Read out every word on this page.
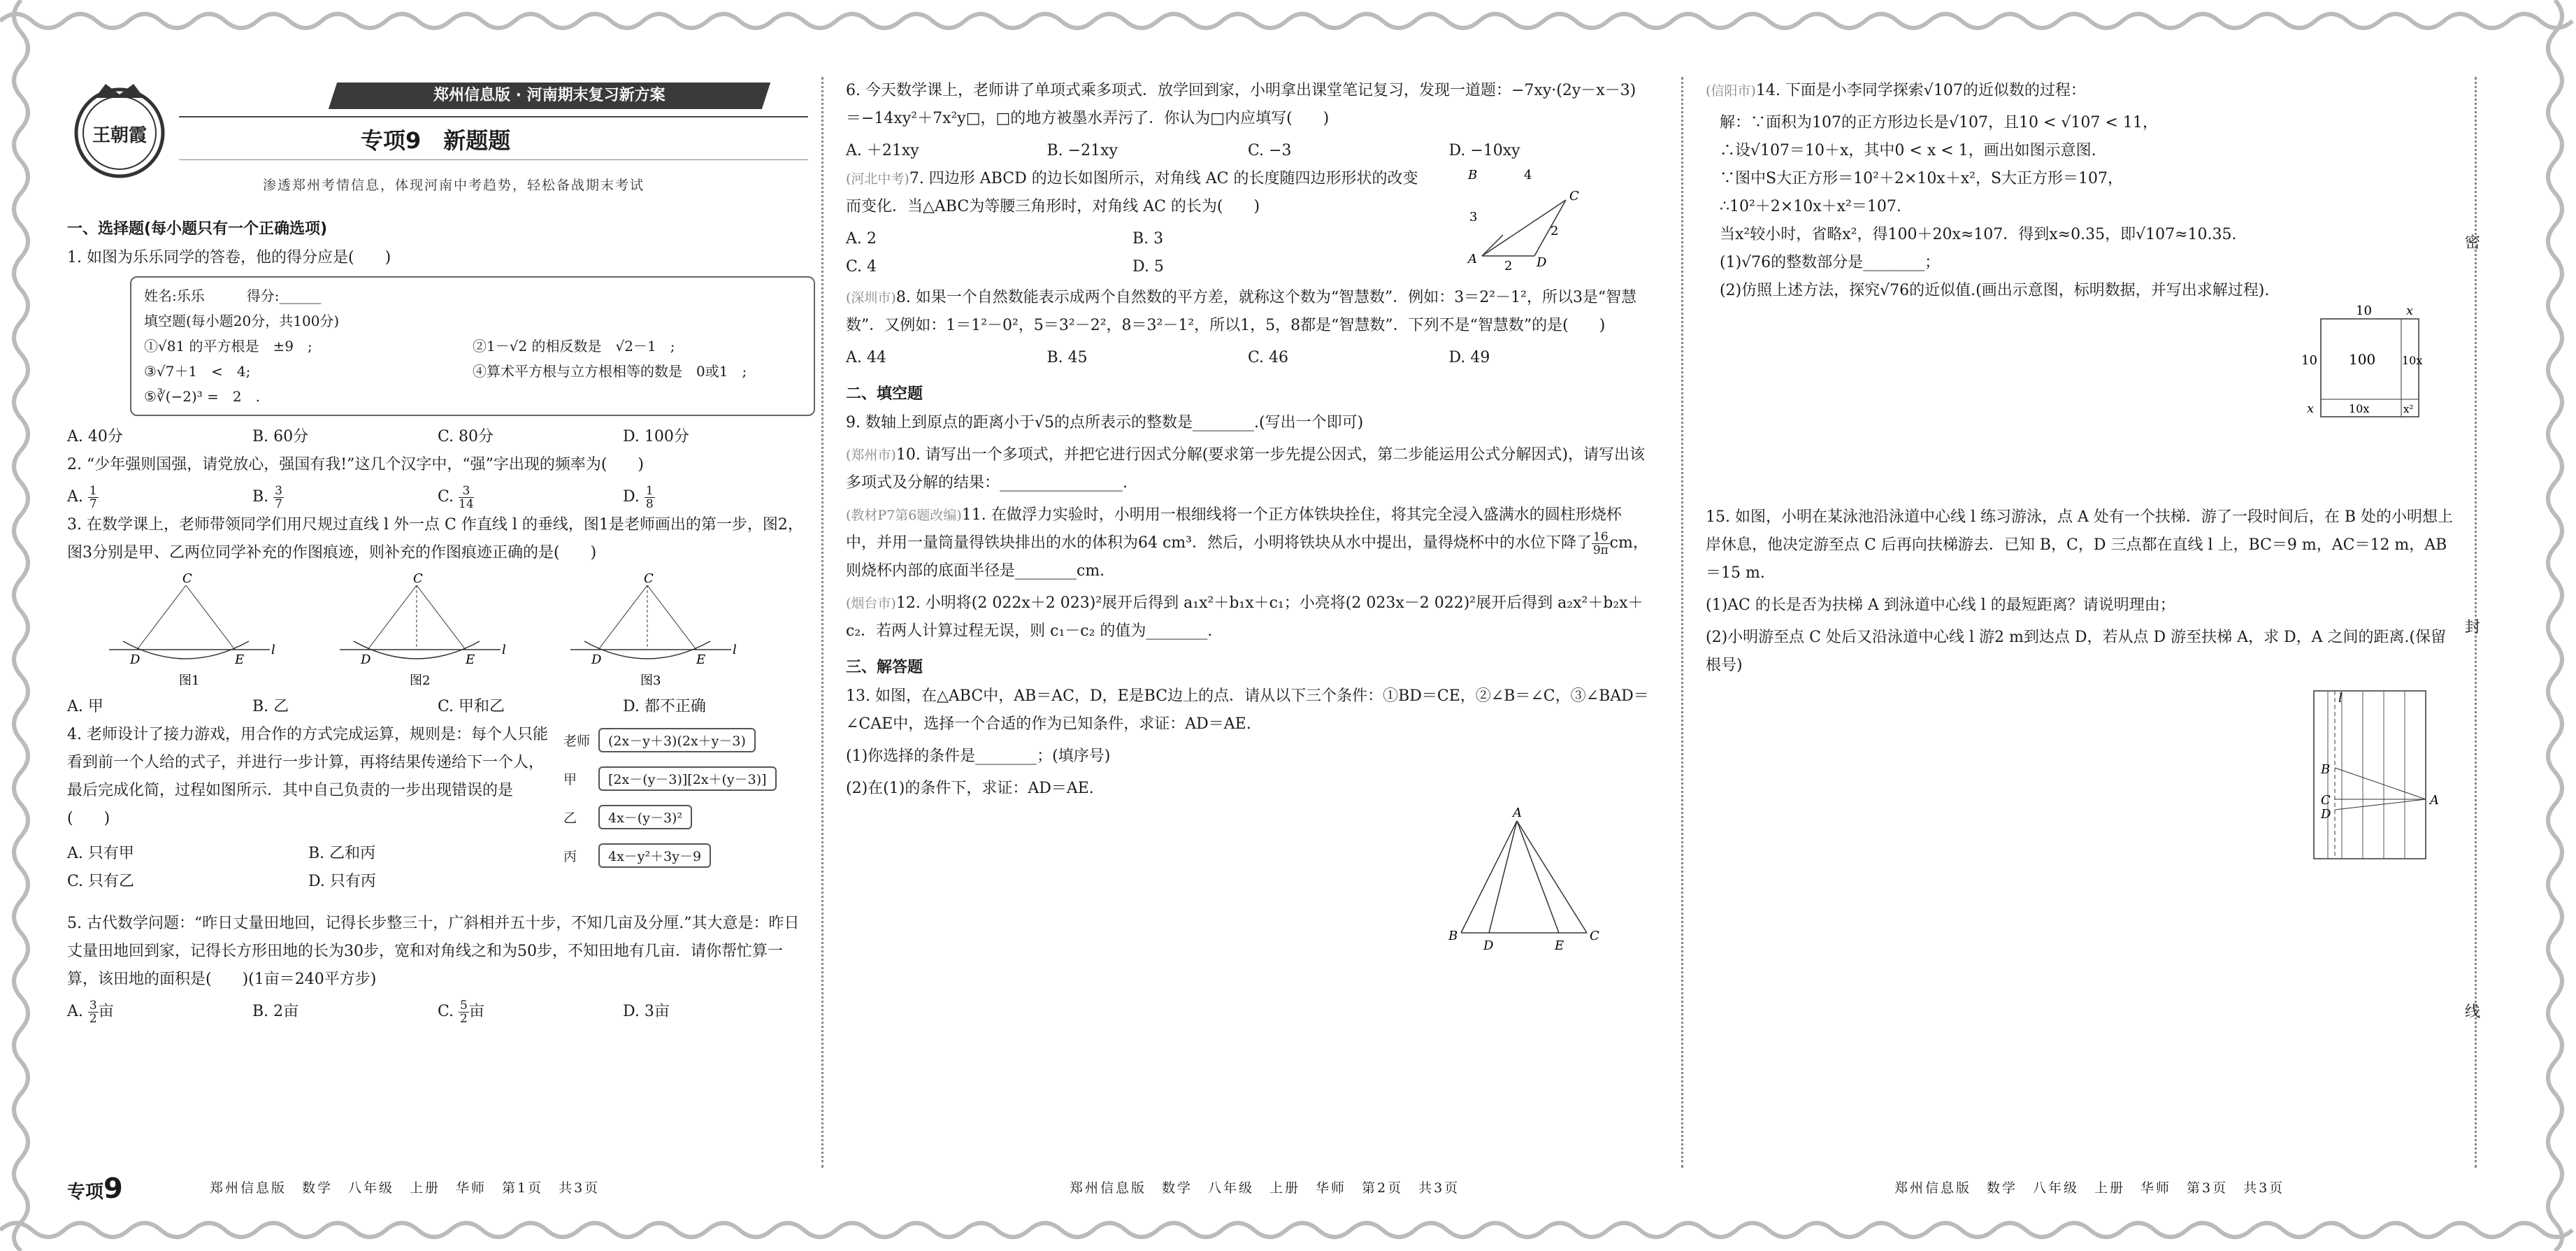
密
封
线
王朝霞
郑州信息版 · 河南期末复习新方案
专项9　新题题
渗透郑州考情信息，体现河南中考趋势，轻松备战期末考试
一、选择题(每小题只有一个正确选项)
1. 如图为乐乐同学的答卷，他的得分应是(　　)
姓名:乐乐　　　得分:______
填空题(每小题20分，共100分)
①√81 的平方根是　±9　;	②1－√2 的相反数是　√2－1　;
③√7＋1　<　4;	④算术平方根与立方根相等的数是　0或1　;
⑤∛(−2)³ =　2　.
A. 40分	B. 60分	C. 80分	D. 100分
2. “少年强则国强，请党放心，强国有我!”这几个汉字中，“强”字出现的频率为(　　)
A. $\frac{1}{7}$	B. $\frac{3}{7}$	C. $\frac{3}{14}$	D. $\frac{1}{8}$
3. 在数学课上，老师带领同学们用尺规过直线 l 外一点 C 作直线 l 的垂线，图1是老师画出的第一步，图2，图3分别是甲、乙两位同学补充的作图痕迹，则补充的作图痕迹正确的是(　　)
C
D	E
l
图1
C
D	E
l
图2
C
D	E
l
图3
A. 甲	B. 乙	C. 甲和乙	D. 都不正确
4. 老师设计了接力游戏，用合作的方式完成运算，规则是：每个人只能看到前一个人给的式子，并进行一步计算，再将结果传递给下一个人，最后完成化简，过程如图所示．其中自己负责的一步出现错误的是(　　)
老师 (2x－y＋3)(2x＋y－3)
甲 [2x－(y－3)][2x＋(y－3)]
乙 4x－(y－3)²
丙 4x－y²＋3y－9
A. 只有甲	B. 乙和丙
C. 只有乙	D. 只有丙
5. 古代数学问题：“昨日丈量田地回，记得长步整三十，广斜相并五十步，不知几亩及分厘.”其大意是：昨日丈量田地回到家，记得长方形田地的长为30步，宽和对角线之和为50步，不知田地有几亩．请你帮忙算一算，该田地的面积是(　　)(1亩＝240平方步)
A. $\frac{3}{2}$ 亩	B. 2亩	C. $\frac{5}{2}$ 亩	D. 3亩
专项9	郑州信息版　数学　八年级　上册　华师　第1页　共3页	郑州信息版　数学　八年级　上册　华师　第2页　共3页	郑州信息版　数学　八年级　上册　华师　第3页　共3页
6. 今天数学课上，老师讲了单项式乘多项式．放学回到家，小明拿出课堂笔记复习，发现一道题：−7xy·(2y－x－3)＝−14xy²＋7x²y□，□的地方被墨水弄污了．你认为□内应填写(　　)
A. ＋21xy	B. −21xy	C. −3	D. −10xy
(河北中考)7. 四边形 ABCD 的边长如图所示，对角线 AC 的长度随四边形形状的改变而变化．当△ABC为等腰三角形时，对角线 AC 的长为(　　)
A. 2	B. 3
C. 4	D. 5
B
C
A	D
4
3
2
2
(深圳市)8. 如果一个自然数能表示成两个自然数的平方差，就称这个数为“智慧数”．例如：3＝2²－1²，所以3是“智慧数”．又例如：1＝1²－0²，5＝3²－2²，8＝3²－1²，所以1，5，8都是“智慧数”．下列不是“智慧数”的是(　　)
A. 44	B. 45	C. 46	D. 49
二、填空题
9. 数轴上到原点的距离小于√5的点所表示的整数是________.(写出一个即可)
(郑州市)10. 请写出一个多项式，并把它进行因式分解(要求第一步先提公因式，第二步能运用公式分解因式)，请写出该多项式及分解的结果：________________.
(教材P7第6题改编)11. 在做浮力实验时，小明用一根细线将一个正方体铁块拴住，将其完全浸入盛满水的圆柱形烧杯中，并用一量筒量得铁块排出的水的体积为64 cm³．然后，小明将铁块从水中提出，量得烧杯中的水位下降了 $\frac{16}{9\pi}$ cm，则烧杯内部的底面半径是________cm.
(烟台市)12. 小明将(2 022x＋2 023)²展开后得到 a₁x²＋b₁x＋c₁；小亮将(2 023x－2 022)²展开后得到 a₂x²＋b₂x＋c₂．若两人计算过程无误，则 c₁－c₂ 的值为________.
三、解答题
13. 如图，在△ABC中，AB＝AC，D，E是BC边上的点．请从以下三个条件：①BD＝CE，②∠B＝∠C，③∠BAD＝∠CAE中，选择一个合适的作为已知条件，求证：AD＝AE.
(1)你选择的条件是________；(填序号)
(2)在(1)的条件下，求证：AD＝AE.
A
B	C
D	E
(信阳市)14. 下面是小李同学探索√107的近似数的过程：
解：∵面积为107的正方形边长是√107，且10 < √107 < 11，
∴设√107＝10＋x，其中0 < x < 1，画出如图示意图.
∵图中S大正方形＝10²＋2×10x＋x²，S大正方形＝107，
∴10²＋2×10x＋x²＝107.
当x²较小时，省略x²，得100＋20x≈107．得到x≈0.35，即√107≈10.35.
(1)√76的整数部分是________；
(2)仿照上述方法，探究√76的近似值.(画出示意图，标明数据，并写出求解过程).
10	x
10 100 10x
x	10x	x²
15. 如图，小明在某泳池沿泳道中心线 l 练习游泳，点 A 处有一个扶梯．游了一段时间后，在 B 处的小明想上岸休息，他决定游至点 C 后再向扶梯游去．已知 B，C，D 三点都在直线 l 上，BC＝9 m，AC＝12 m，AB＝15 m.
(1)AC 的长是否为扶梯 A 到泳道中心线 l 的最短距离？请说明理由；
(2)小明游至点 C 处后又沿泳道中心线 l 游2 m到达点 D，若从点 D 游至扶梯 A，求 D，A 之间的距离.(保留根号)
l
B
C
D
A
